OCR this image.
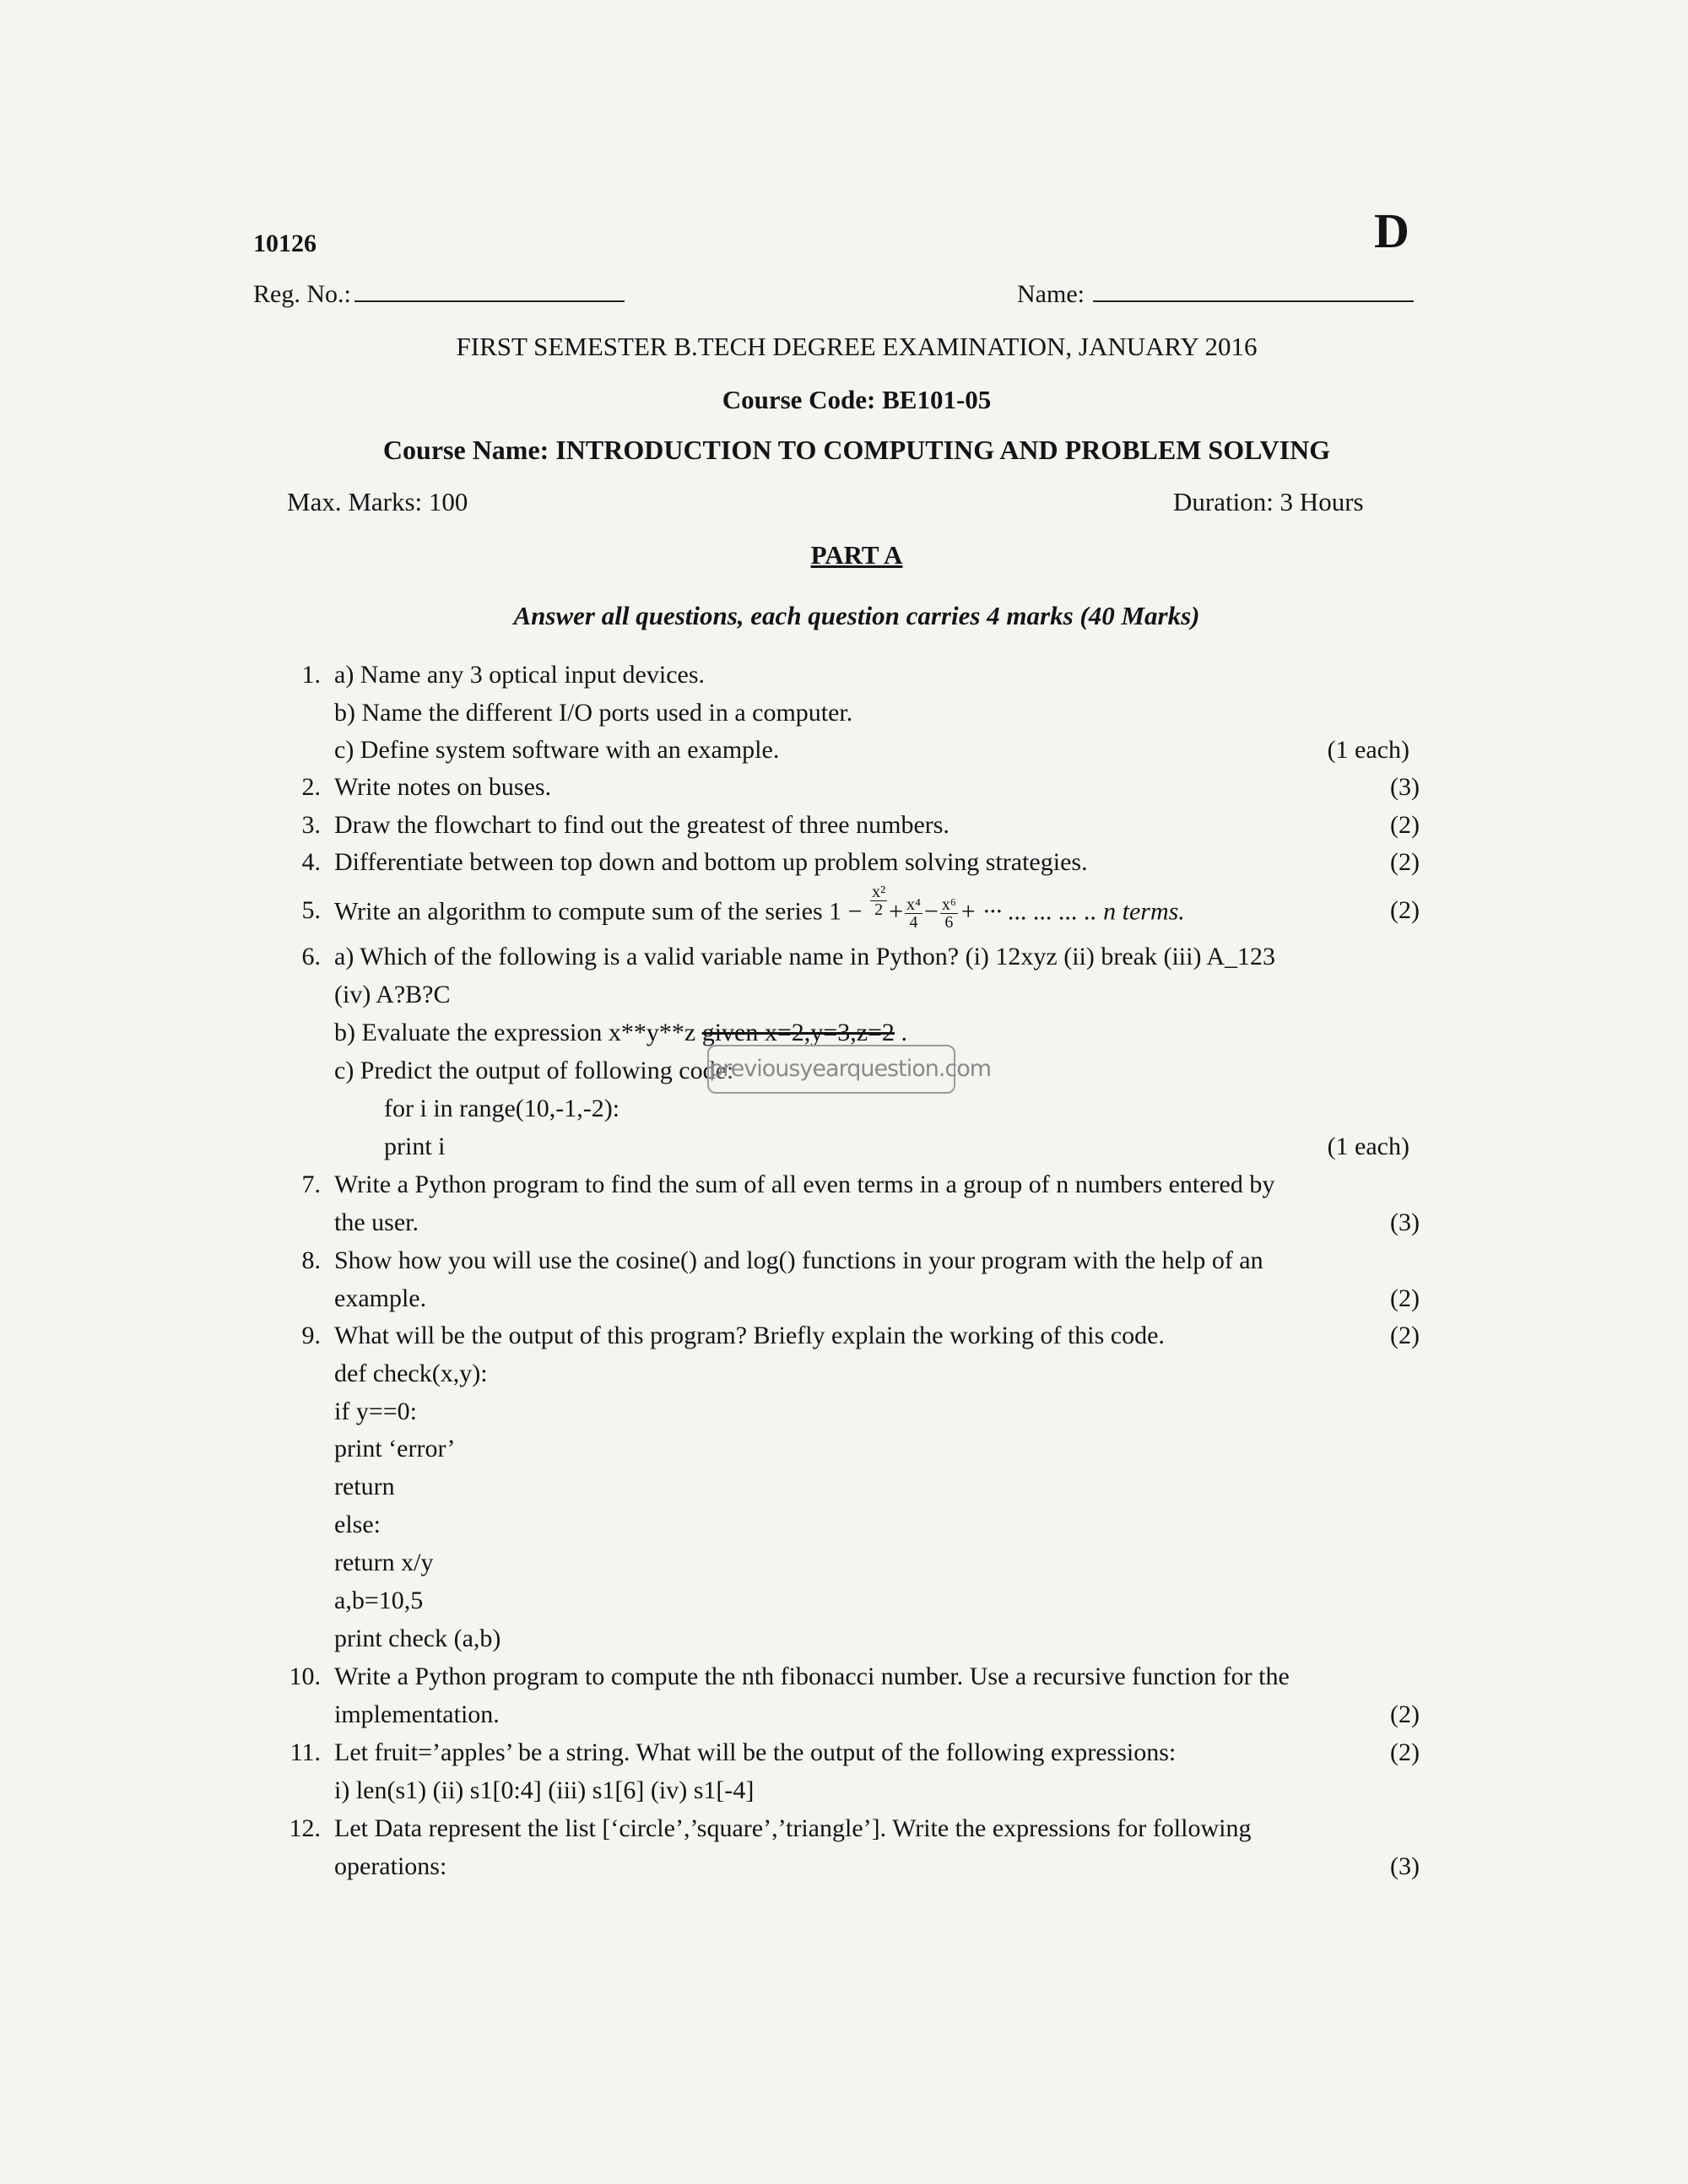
10126	D
Reg. No.:	Name:
FIRST SEMESTER B.TECH DEGREE EXAMINATION, JANUARY 2016
Course Code: BE101-05
Course Name: INTRODUCTION TO COMPUTING AND PROBLEM SOLVING
Max. Marks: 100	Duration: 3 Hours
PART A
Answer all questions, each question carries 4 marks (40 Marks)
1. a) Name any 3 optical input devices.
b) Name the different I/O ports used in a computer.
c) Define system software with an example.	(1 each)
2. Write notes on buses.	(3)
3. Draw the flowchart to find out the greatest of three numbers.	(2)
4. Differentiate between top down and bottom up problem solving strategies.	(2)
5. Write an algorithm to compute sum of the series $1 - \frac{\text{x²}}{2} + \frac{\text{x⁴}}{4} - \frac{\text{x⁶}}{6}$ + ··· ... ... ... .. n terms.	(2)
6. a) Which of the following is a valid variable name in Python? (i) 12xyz (ii) break (iii) A_123
(iv) A?B?C
b) Evaluate the expression x**y**z given x=2,y=3,z=2 .
c) Predict the output of following code:
for i in range(10,-1,-2):
print i	(1 each)
7. Write a Python program to find the sum of all even terms in a group of n numbers entered by
the user.	(3)
8. Show how you will use the cosine() and log() functions in your program with the help of an
example.	(2)
9. What will be the output of this program? Briefly explain the working of this code.	(2)
def check(x,y):
if y==0:
print ‘error’
return
else:
return x/y
a,b=10,5
print check (a,b)
10. Write a Python program to compute the nth fibonacci number. Use a recursive function for the
implementation.	(2)
11. Let fruit=’apples’ be a string. What will be the output of the following expressions:	(2)
i) len(s1) (ii) s1[0:4] (iii) s1[6] (iv) s1[-4]
12. Let Data represent the list [‘circle’,’square’,’triangle’]. Write the expressions for following
operations:	(3)
previousyearquestion.com
